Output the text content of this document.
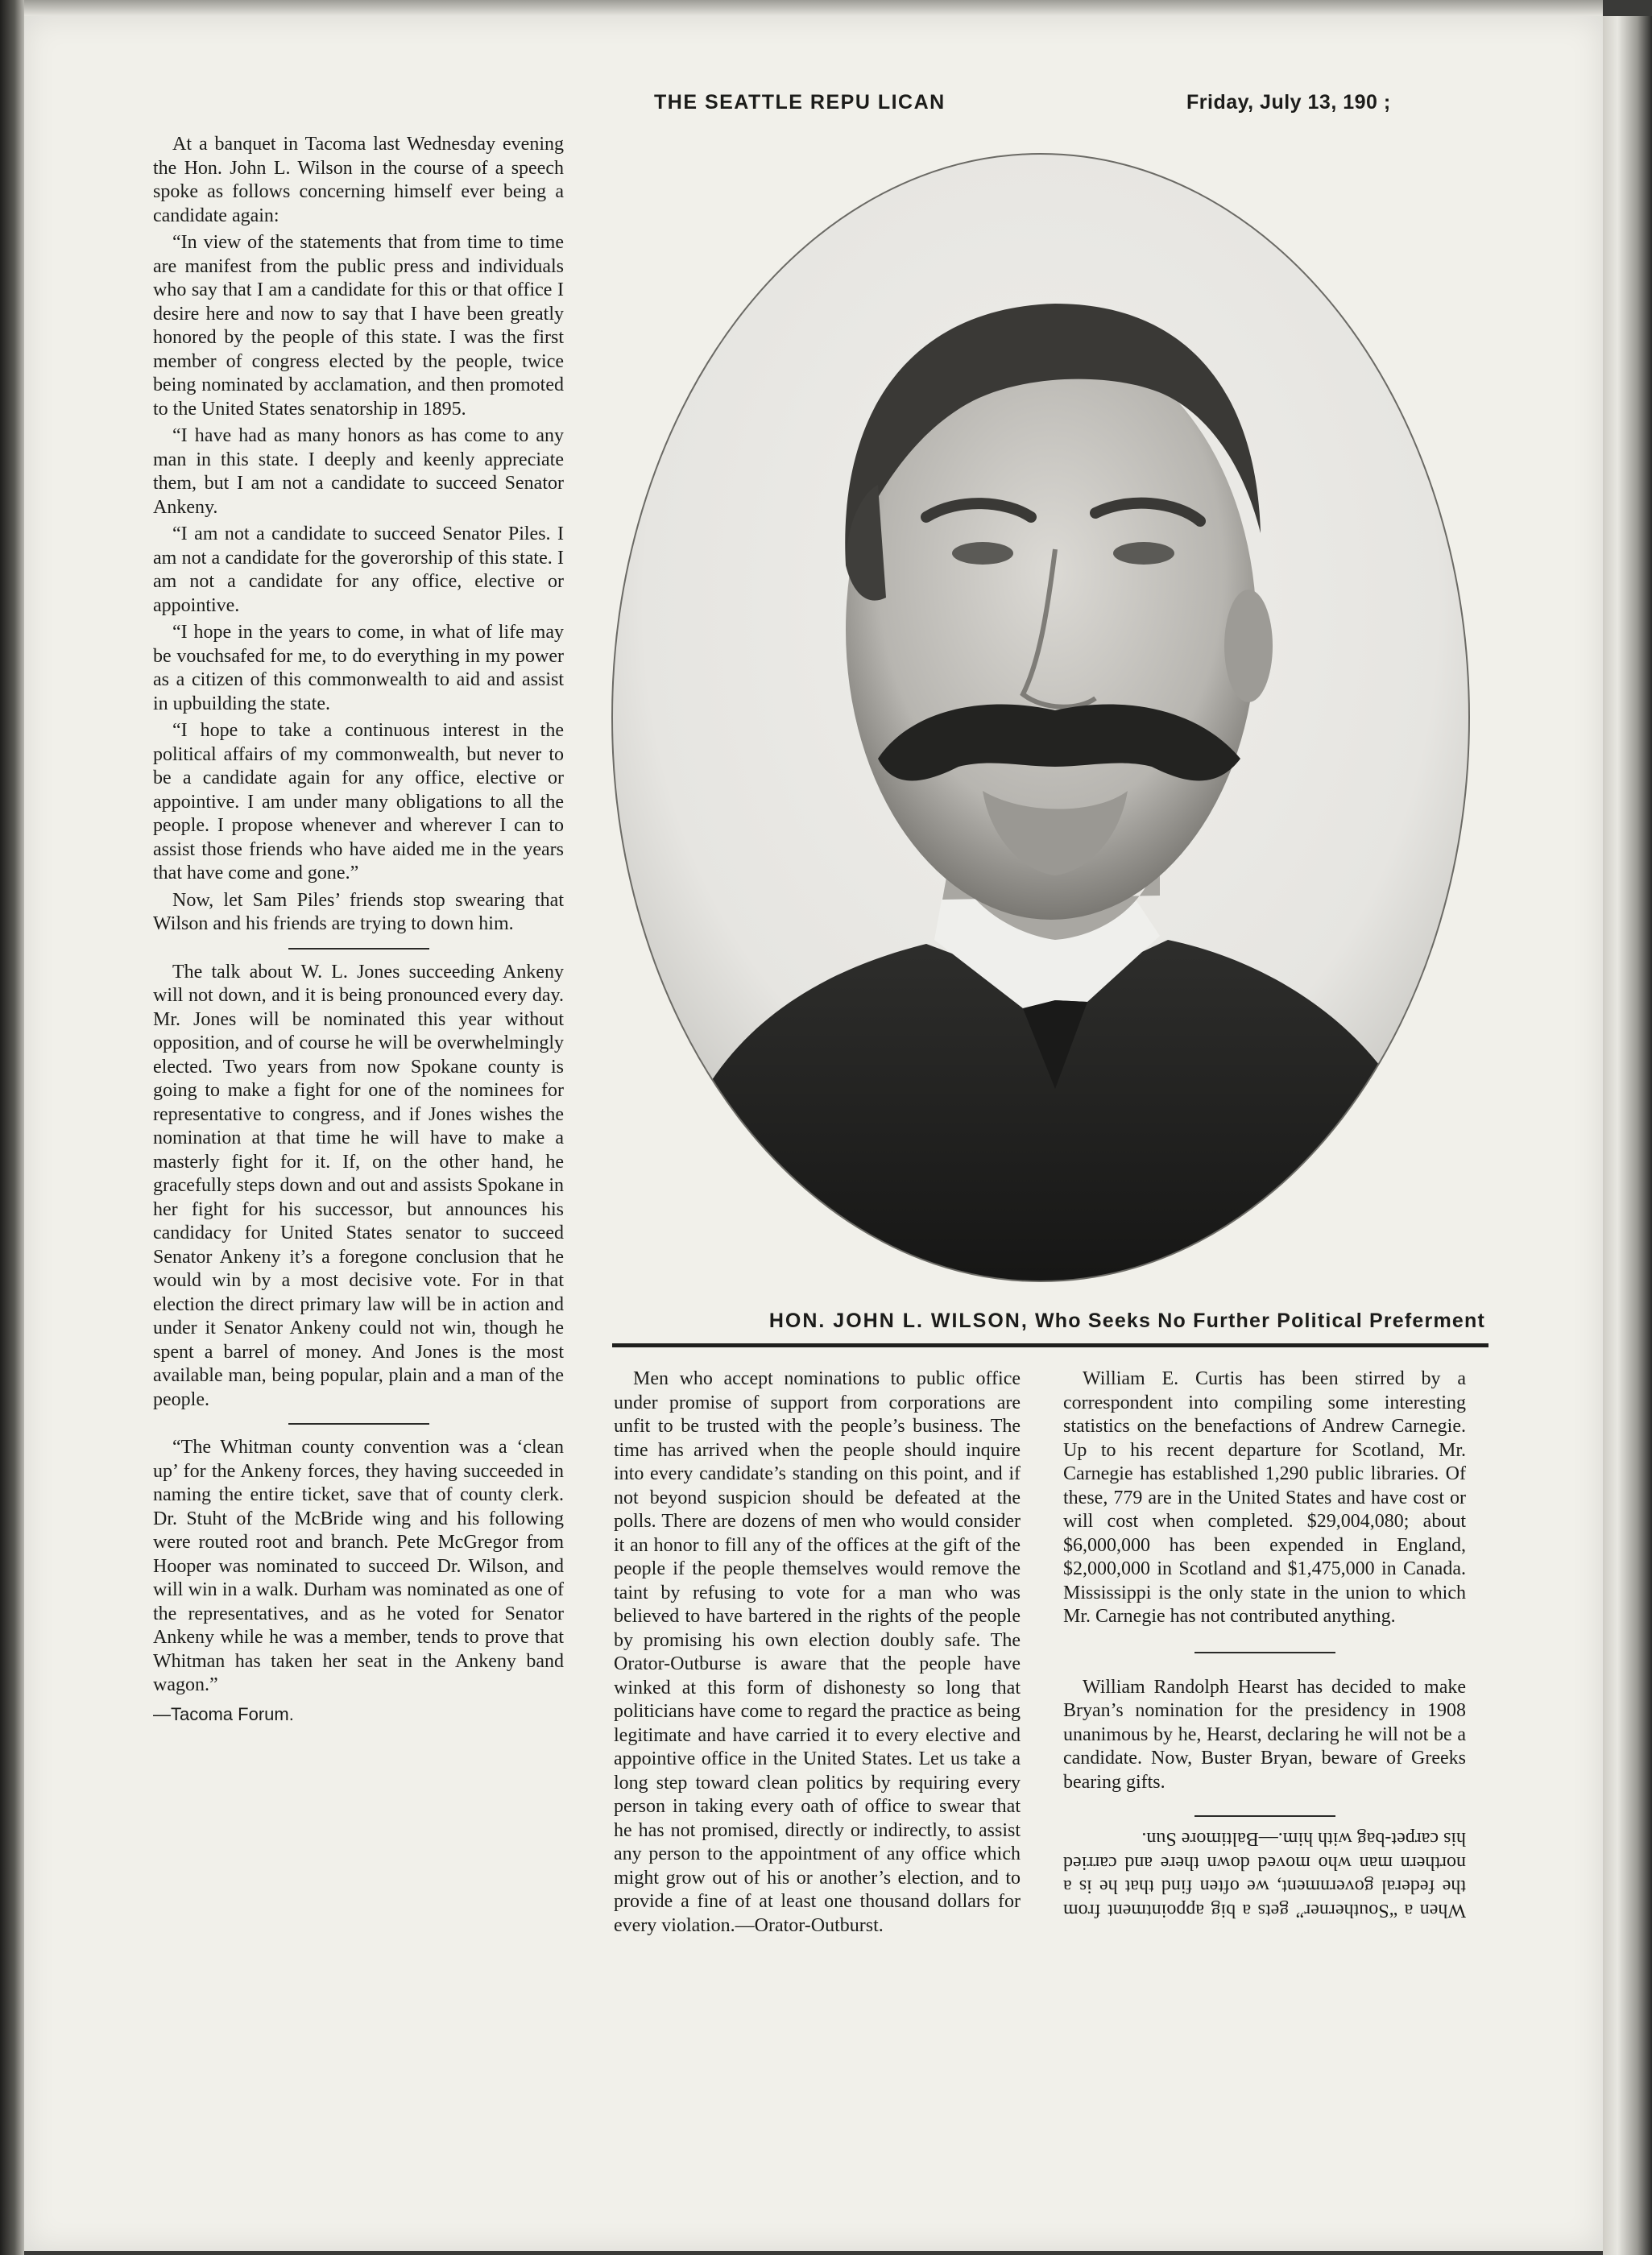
THE SEATTLE REPU LICAN	Friday, July 13, 190 ;

At a banquet in Tacoma last Wednesday evening the Hon. John L. Wilson in the course of a speech spoke as follows concerning himself ever being a candidate again:

“In view of the statements that from time to time are manifest from the public press and individuals who say that I am a candidate for this or that office I desire here and now to say that I have been greatly honored by the people of this state. I was the first member of congress elected by the people, twice being nominated by acclamation, and then promoted to the United States senatorship in 1895.

“I have had as many honors as has come to any man in this state. I deeply and keenly appreciate them, but I am not a candidate to succeed Senator Ankeny.

“I am not a candidate to succeed Senator Piles. I am not a candidate for the goverorship of this state. I am not a candidate for any office, elective or appointive.

“I hope in the years to come, in what of life may be vouchsafed for me, to do everything in my power as a citizen of this commonwealth to aid and assist in upbuilding the state.

“I hope to take a continuous interest in the political affairs of my commonwealth, but never to be a candidate again for any office, elective or appointive. I am under many obligations to all the people. I propose whenever and wherever I can to assist those friends who have aided me in the years that have come and gone.”

Now, let Sam Piles’ friends stop swearing that Wilson and his friends are trying to down him.

The talk about W. L. Jones succeeding Ankeny will not down, and it is being pronounced every day. Mr. Jones will be nominated this year without opposition, and of course he will be overwhelmingly elected. Two years from now Spokane county is going to make a fight for one of the nominees for representative to congress, and if Jones wishes the nomination at that time he will have to make a masterly fight for it. If, on the other hand, he gracefully steps down and out and assists Spokane in her fight for his successor, but announces his candidacy for United States senator to succeed Senator Ankeny it’s a foregone conclusion that he would win by a most decisive vote. For in that election the direct primary law will be in action and under it Senator Ankeny could not win, though he spent a barrel of money. And Jones is the most available man, being popular, plain and a man of the people.

“The Whitman county convention was a ‘clean up’ for the Ankeny forces, they having succeeded in naming the entire ticket, save that of county clerk. Dr. Stuht of the McBride wing and his following were routed root and branch. Pete McGregor from Hooper was nominated to succeed Dr. Wilson, and will win in a walk. Durham was nominated as one of the representatives, and as he voted for Senator Ankeny while he was a member, tends to prove that Whitman has taken her seat in the Ankeny band wagon.”

—Tacoma Forum.

HON. JOHN L. WILSON, Who Seeks No Further Political Preferment

Men who accept nominations to public office under promise of support from corporations are unfit to be trusted with the people’s business. The time has arrived when the people should inquire into every candidate’s standing on this point, and if not beyond suspicion should be defeated at the polls. There are dozens of men who would consider it an honor to fill any of the offices at the gift of the people if the people themselves would remove the taint by refusing to vote for a man who was believed to have bartered in the rights of the people by promising his own election doubly safe. The Orator-Outburse is aware that the people have winked at this form of dishonesty so long that politicians have come to regard the practice as being legitimate and have carried it to every elective and appointive office in the United States. Let us take a long step toward clean politics by requiring every person in taking every oath of office to swear that he has not promised, directly or indirectly, to assist any person to the appointment of any office which might grow out of his or another’s election, and to provide a fine of at least one thousand dollars for every violation.—Orator-Outburst.

William E. Curtis has been stirred by a correspondent into compiling some interesting statistics on the benefactions of Andrew Carnegie. Up to his recent departure for Scotland, Mr. Carnegie has established 1,290 public libraries. Of these, 779 are in the United States and have cost or will cost when completed. $29,004,080; about $6,000,000 has been expended in England, $2,000,000 in Scotland and $1,475,000 in Canada. Mississippi is the only state in the union to which Mr. Carnegie has not contributed anything.

William Randolph Hearst has decided to make Bryan’s nomination for the presidency in 1908 unanimous by he, Hearst, declaring he will not be a candidate. Now, Buster Bryan, beware of Greeks bearing gifts.

When a “Southerner” gets a big appointment from the federal government, we often find that he is a northern man who moved down there and carried his carpet-bag with him.—Baltimore Sun.
